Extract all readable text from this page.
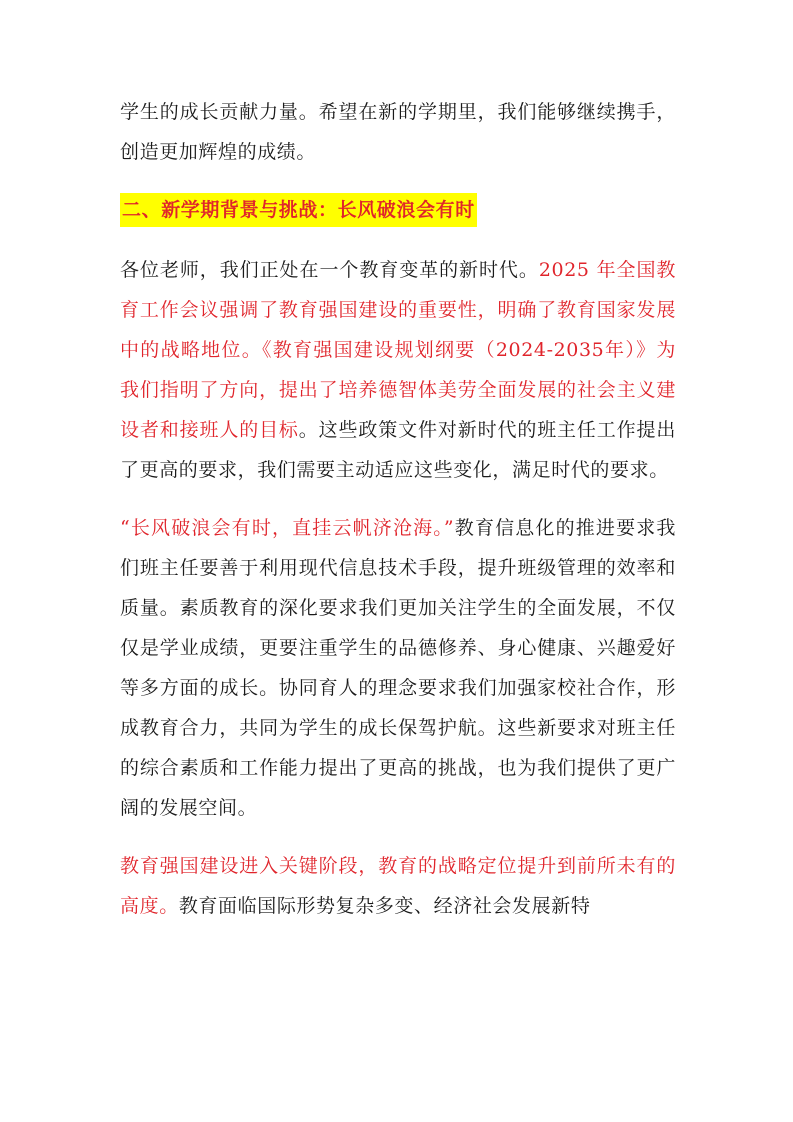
学生的成长贡献力量。希望在新的学期里，我们能够继续携手，创造更加辉煌的成绩。

二、新学期背景与挑战：长风破浪会有时

各位老师，我们正处在一个教育变革的新时代。2025 年全国教育工作会议强调了教育强国建设的重要性，明确了教育国家发展中的战略地位。《教育强国建设规划纲要（2024-2035年）》为我们指明了方向，提出了培养德智体美劳全面发展的社会主义建设者和接班人的目标。这些政策文件对新时代的班主任工作提出了更高的要求，我们需要主动适应这些变化，满足时代的要求。

“长风破浪会有时，直挂云帆济沧海。”教育信息化的推进要求我们班主任要善于利用现代信息技术手段，提升班级管理的效率和质量。素质教育的深化要求我们更加关注学生的全面发展，不仅仅是学业成绩，更要注重学生的品德修养、身心健康、兴趣爱好等多方面的成长。协同育人的理念要求我们加强家校社合作，形成教育合力，共同为学生的成长保驾护航。这些新要求对班主任的综合素质和工作能力提出了更高的挑战，也为我们提供了更广阔的发展空间。

教育强国建设进入关键阶段，教育的战略定位提升到前所未有的高度。教育面临国际形势复杂多变、经济社会发展新特
